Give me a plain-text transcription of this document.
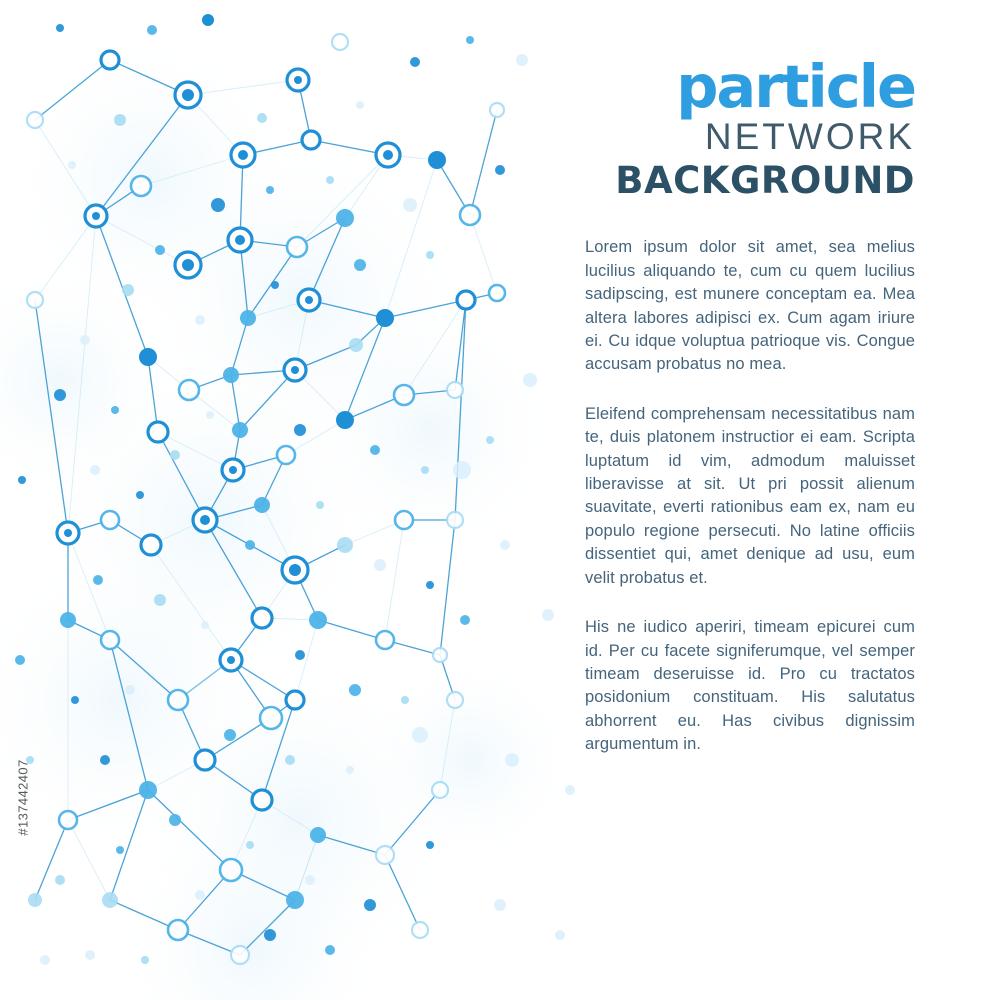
particle
NETWORK
BACKGROUND

Lorem ipsum dolor sit amet, sea melius lucilius aliquando te, cum cu quem lucilius sadipscing, est munere conceptam ea. Mea altera labores adipisci ex. Cum agam iriure ei. Cu idque voluptua patrioque vis. Congue accusam probatus no mea.

Eleifend comprehensam necessitatibus nam te, duis platonem instructior ei eam. Scripta luptatum id vim, admodum maluisset liberavisse at sit. Ut pri possit alienum suavitate, everti rationibus eam ex, nam eu populo regione persecuti. No latine officiis dissentiet qui, amet denique ad usu, eum velit probatus et.

His ne iudico aperiri, timeam epicurei cum id. Per cu facete signiferumque, vel semper timeam deseruisse id. Pro cu tractatos posidonium constituam. His salutatus abhorrent eu. Has civibus dignissim argumentum in.

#137442407
